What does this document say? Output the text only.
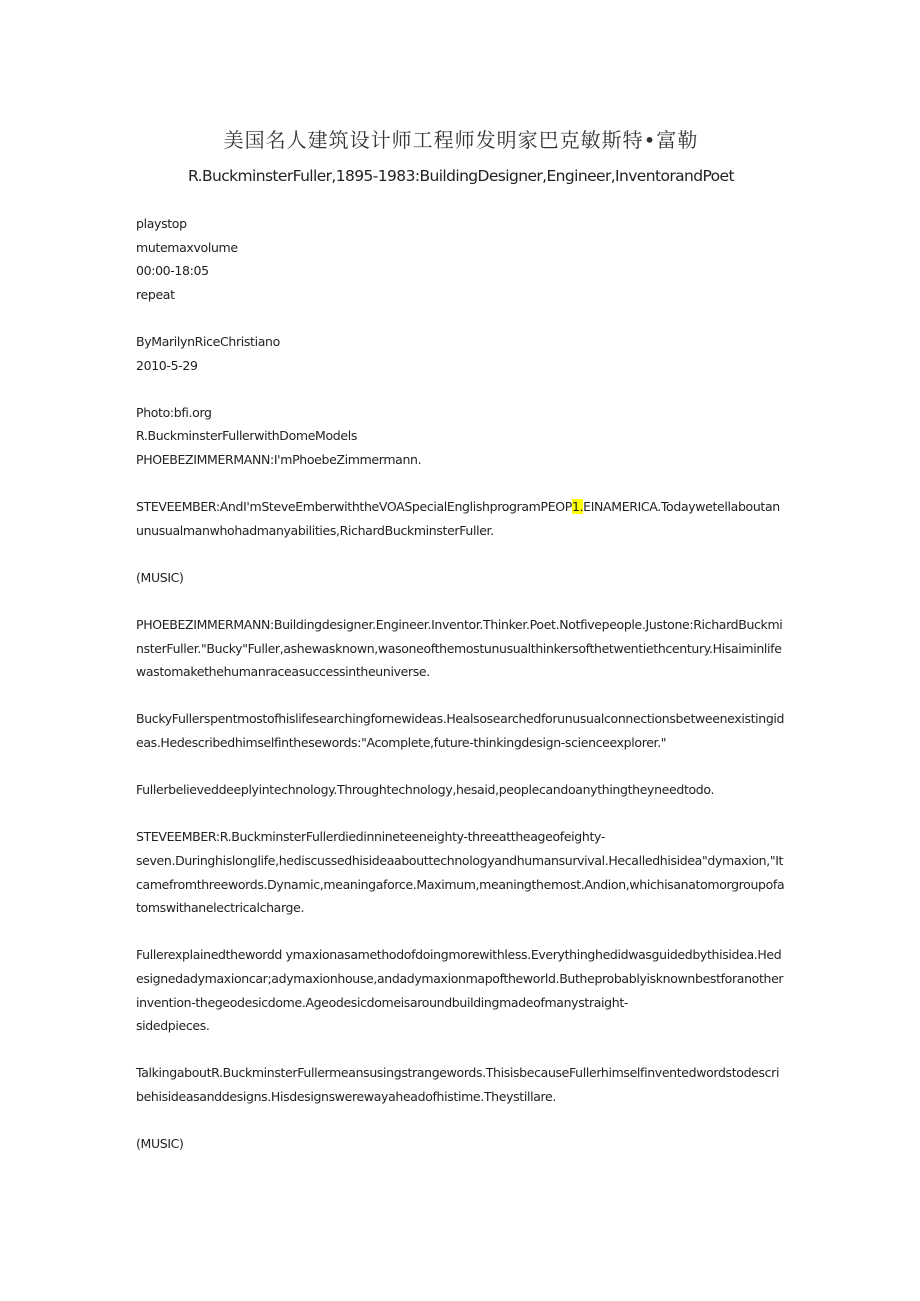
美国名人建筑设计师工程师发明家巴克敏斯特•富勒
R.BuckminsterFuller,1895-1983:BuildingDesigner,Engineer,InventorandPoet

playstop

mutemaxvolume

00:00-18:05

repeat

ByMarilynRiceChristiano

2010-5-29

Photo:bfi.org

R.BuckminsterFullerwithDomeModels

PHOEBEZIMMERMANN:I'mPhoebeZimmermann.

STEVEEMBER:AndI'mSteveEmberwiththeVOASpecialEnglishprogramPEOP1.EINAMERICA.Todaywetellaboutanunusualmanwhohadmanyabilities,RichardBuckminsterFuller.

(MUSIC)

PHOEBEZIMMERMANN:Buildingdesigner.Engineer.Inventor.Thinker.Poet.Notfivepeople.Justone:RichardBuckminsterFuller."Bucky"Fuller,ashewasknown,wasoneofthemostunusualthinkersofthetwentiethcentury.Hisaiminlifewastomakethehumanraceasuccessintheuniverse.

BuckyFullerspentmostofhislifesearchingfornewideas.Healsosearchedforunusualconnectionsbetweenexistingideas.Hedescribedhimselfinthesewords:"Acomplete,future-thinkingdesign-scienceexplorer."

Fullerbelieveddeeplyintechnology.Throughtechnology,hesaid,peoplecandoanythingtheyneedtodo.

STEVEEMBER:R.BuckminsterFullerdiedinnineteeneighty-threeattheageofeighty-

seven.Duringhislonglife,hediscussedhisideaabouttechnologyandhumansurvival.Hecalledhisidea"dymaxion,"Itcamefromthreewords.Dynamic,meaningaforce.Maximum,meaningthemost.Andion,whichisanatomorgroupofatomswithanelectricalcharge.

Fullerexplainedthewordd ymaxionasamethodofdoingmorewithless.Everythinghedidwasguidedbythisidea.Hedesignedadymaxioncar;adymaxionhouse,andadymaxionmapoftheworld.Butheprobablyisknownbestforanotherinvention-thegeodesicdome.Ageodesicdomeisaroundbuildingmadeofmanystraight-

sidedpieces.

TalkingaboutR.BuckminsterFullermeansusingstrangewords.ThisisbecauseFullerhimselfinventedwordstodescribehisideasanddesigns.Hisdesignswerewayaheadofhistime.Theystillare.

(MUSIC)
